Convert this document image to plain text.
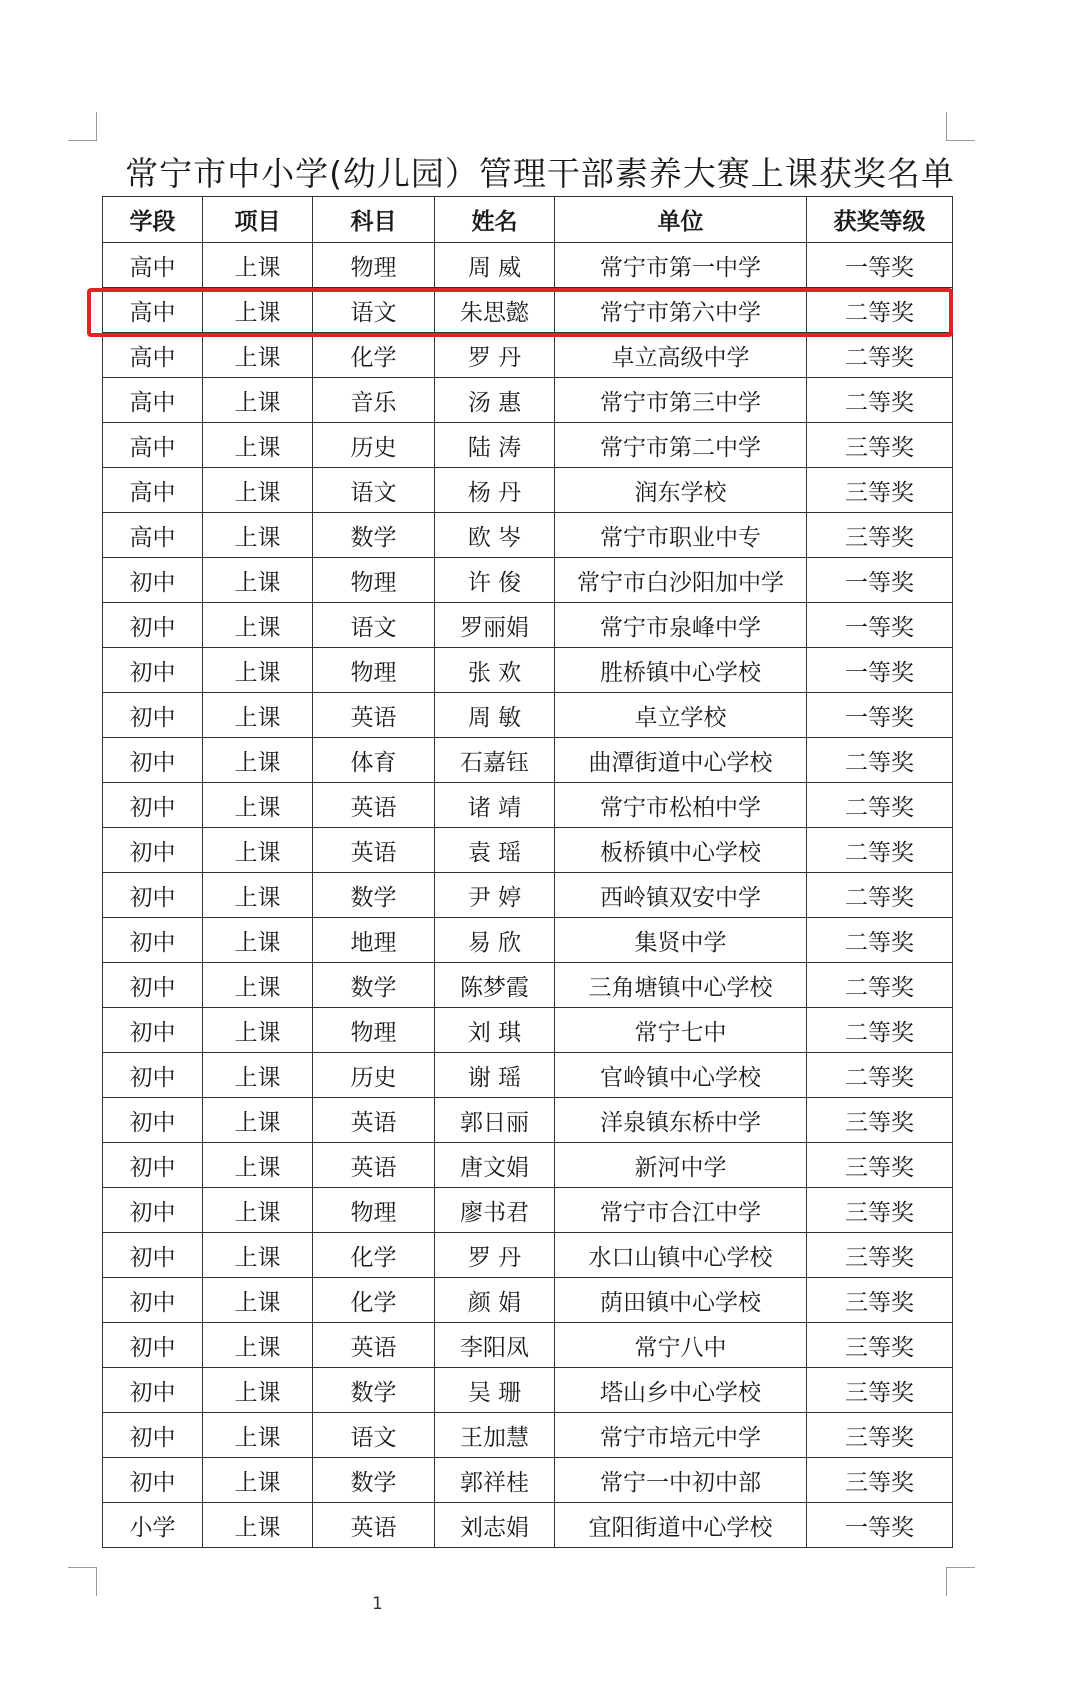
常宁市中小学(幼儿园）管理干部素养大赛上课获奖名单
学段	项目	科目	姓名	单位	获奖等级
高中	上课	物理	周 威	常宁市第一中学	一等奖
高中	上课	语文	朱思懿	常宁市第六中学	二等奖
高中	上课	化学	罗 丹	卓立高级中学	二等奖
高中	上课	音乐	汤 惠	常宁市第三中学	二等奖
高中	上课	历史	陆 涛	常宁市第二中学	三等奖
高中	上课	语文	杨 丹	润东学校	三等奖
高中	上课	数学	欧 岑	常宁市职业中专	三等奖
初中	上课	物理	许 俊	常宁市白沙阳加中学	一等奖
初中	上课	语文	罗丽娟	常宁市泉峰中学	一等奖
初中	上课	物理	张 欢	胜桥镇中心学校	一等奖
初中	上课	英语	周 敏	卓立学校	一等奖
初中	上课	体育	石嘉钰	曲潭街道中心学校	二等奖
初中	上课	英语	诸 靖	常宁市松柏中学	二等奖
初中	上课	英语	袁 瑶	板桥镇中心学校	二等奖
初中	上课	数学	尹 婷	西岭镇双安中学	二等奖
初中	上课	地理	易 欣	集贤中学	二等奖
初中	上课	数学	陈梦霞	三角塘镇中心学校	二等奖
初中	上课	物理	刘 琪	常宁七中	二等奖
初中	上课	历史	谢 瑶	官岭镇中心学校	二等奖
初中	上课	英语	郭日丽	洋泉镇东桥中学	三等奖
初中	上课	英语	唐文娟	新河中学	三等奖
初中	上课	物理	廖书君	常宁市合江中学	三等奖
初中	上课	化学	罗 丹	水口山镇中心学校	三等奖
初中	上课	化学	颜 娟	荫田镇中心学校	三等奖
初中	上课	英语	李阳凤	常宁八中	三等奖
初中	上课	数学	吴 珊	塔山乡中心学校	三等奖
初中	上课	语文	王加慧	常宁市培元中学	三等奖
初中	上课	数学	郭祥桂	常宁一中初中部	三等奖
小学	上课	英语	刘志娟	宜阳街道中心学校	一等奖
1
